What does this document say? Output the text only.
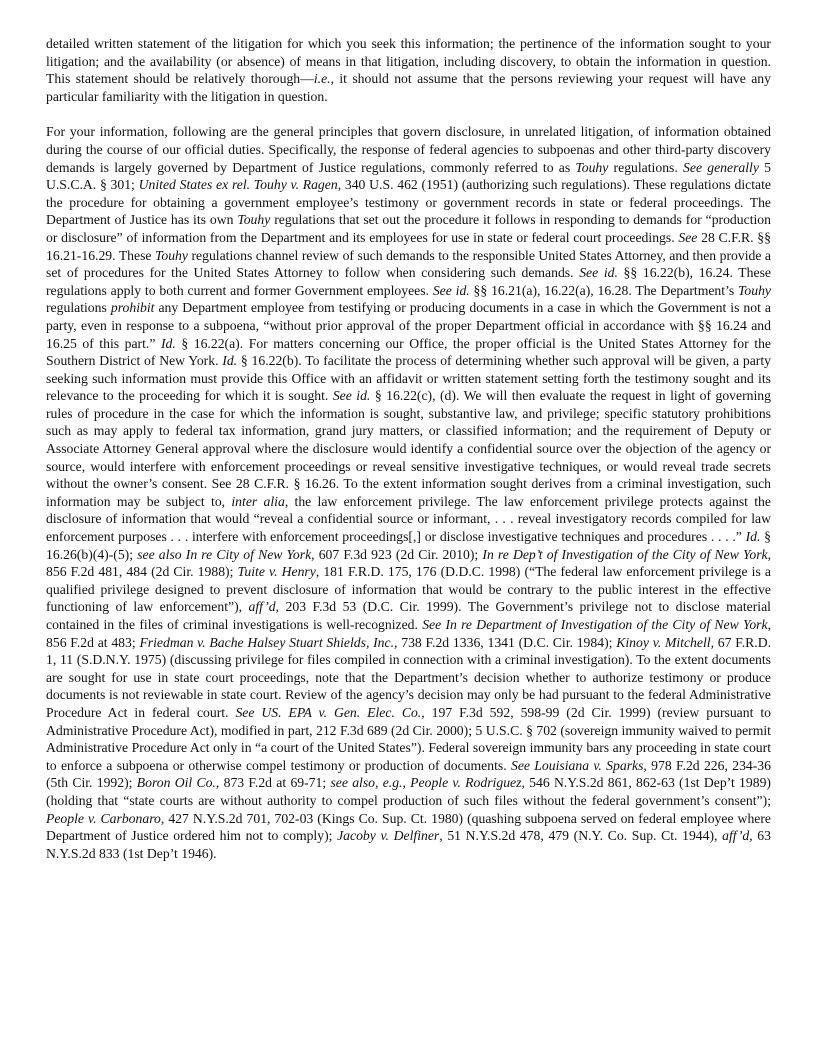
detailed written statement of the litigation for which you seek this information; the pertinence of the information sought to your litigation; and the availability (or absence) of means in that litigation, including discovery, to obtain the information in question. This statement should be relatively thorough—i.e., it should not assume that the persons reviewing your request will have any particular familiarity with the litigation in question.

For your information, following are the general principles that govern disclosure, in unrelated litigation, of information obtained during the course of our official duties. Specifically, the response of federal agencies to subpoenas and other third-party discovery demands is largely governed by Department of Justice regulations, commonly referred to as Touhy regulations. See generally 5 U.S.C.A. § 301; United States ex rel. Touhy v. Ragen, 340 U.S. 462 (1951) (authorizing such regulations). These regulations dictate the procedure for obtaining a government employee’s testimony or government records in state or federal proceedings. The Department of Justice has its own Touhy regulations that set out the procedure it follows in responding to demands for “production or disclosure” of information from the Department and its employees for use in state or federal court proceedings. See 28 C.F.R. §§ 16.21-16.29. These Touhy regulations channel review of such demands to the responsible United States Attorney, and then provide a set of procedures for the United States Attorney to follow when considering such demands. See id. §§ 16.22(b), 16.24. These regulations apply to both current and former Government employees. See id. §§ 16.21(a), 16.22(a), 16.28. The Department’s Touhy regulations prohibit any Department employee from testifying or producing documents in a case in which the Government is not a party, even in response to a subpoena, “without prior approval of the proper Department official in accordance with §§ 16.24 and 16.25 of this part.” Id. § 16.22(a). For matters concerning our Office, the proper official is the United States Attorney for the Southern District of New York. Id. § 16.22(b). To facilitate the process of determining whether such approval will be given, a party seeking such information must provide this Office with an affidavit or written statement setting forth the testimony sought and its relevance to the proceeding for which it is sought. See id. § 16.22(c), (d). We will then evaluate the request in light of governing rules of procedure in the case for which the information is sought, substantive law, and privilege; specific statutory prohibitions such as may apply to federal tax information, grand jury matters, or classified information; and the requirement of Deputy or Associate Attorney General approval where the disclosure would identify a confidential source over the objection of the agency or source, would interfere with enforcement proceedings or reveal sensitive investigative techniques, or would reveal trade secrets without the owner’s consent. See 28 C.F.R. § 16.26. To the extent information sought derives from a criminal investigation, such information may be subject to, inter alia, the law enforcement privilege. The law enforcement privilege protects against the disclosure of information that would “reveal a confidential source or informant, . . . reveal investigatory records compiled for law enforcement purposes . . . interfere with enforcement proceedings[,] or disclose investigative techniques and procedures . . . .” Id. § 16.26(b)(4)-(5); see also In re City of New York, 607 F.3d 923 (2d Cir. 2010); In re Dep’t of Investigation of the City of New York, 856 F.2d 481, 484 (2d Cir. 1988); Tuite v. Henry, 181 F.R.D. 175, 176 (D.D.C. 1998) (“The federal law enforcement privilege is a qualified privilege designed to prevent disclosure of information that would be contrary to the public interest in the effective functioning of law enforcement”), aff’d, 203 F.3d 53 (D.C. Cir. 1999). The Government’s privilege not to disclose material contained in the files of criminal investigations is well-recognized. See In re Department of Investigation of the City of New York, 856 F.2d at 483; Friedman v. Bache Halsey Stuart Shields, Inc., 738 F.2d 1336, 1341 (D.C. Cir. 1984); Kinoy v. Mitchell, 67 F.R.D. 1, 11 (S.D.N.Y. 1975) (discussing privilege for files compiled in connection with a criminal investigation). To the extent documents are sought for use in state court proceedings, note that the Department’s decision whether to authorize testimony or produce documents is not reviewable in state court. Review of the agency’s decision may only be had pursuant to the federal Administrative Procedure Act in federal court. See US. EPA v. Gen. Elec. Co., 197 F.3d 592, 598-99 (2d Cir. 1999) (review pursuant to Administrative Procedure Act), modified in part, 212 F.3d 689 (2d Cir. 2000); 5 U.S.C. § 702 (sovereign immunity waived to permit Administrative Procedure Act only in “a court of the United States”). Federal sovereign immunity bars any proceeding in state court to enforce a subpoena or otherwise compel testimony or production of documents. See Louisiana v. Sparks, 978 F.2d 226, 234-36 (5th Cir. 1992); Boron Oil Co., 873 F.2d at 69-71; see also, e.g., People v. Rodriguez, 546 N.Y.S.2d 861, 862-63 (1st Dep’t 1989) (holding that “state courts are without authority to compel production of such files without the federal government’s consent”); People v. Carbonaro, 427 N.Y.S.2d 701, 702-03 (Kings Co. Sup. Ct. 1980) (quashing subpoena served on federal employee where Department of Justice ordered him not to comply); Jacoby v. Delfiner, 51 N.Y.S.2d 478, 479 (N.Y. Co. Sup. Ct. 1944), aff’d, 63 N.Y.S.2d 833 (1st Dep’t 1946).
